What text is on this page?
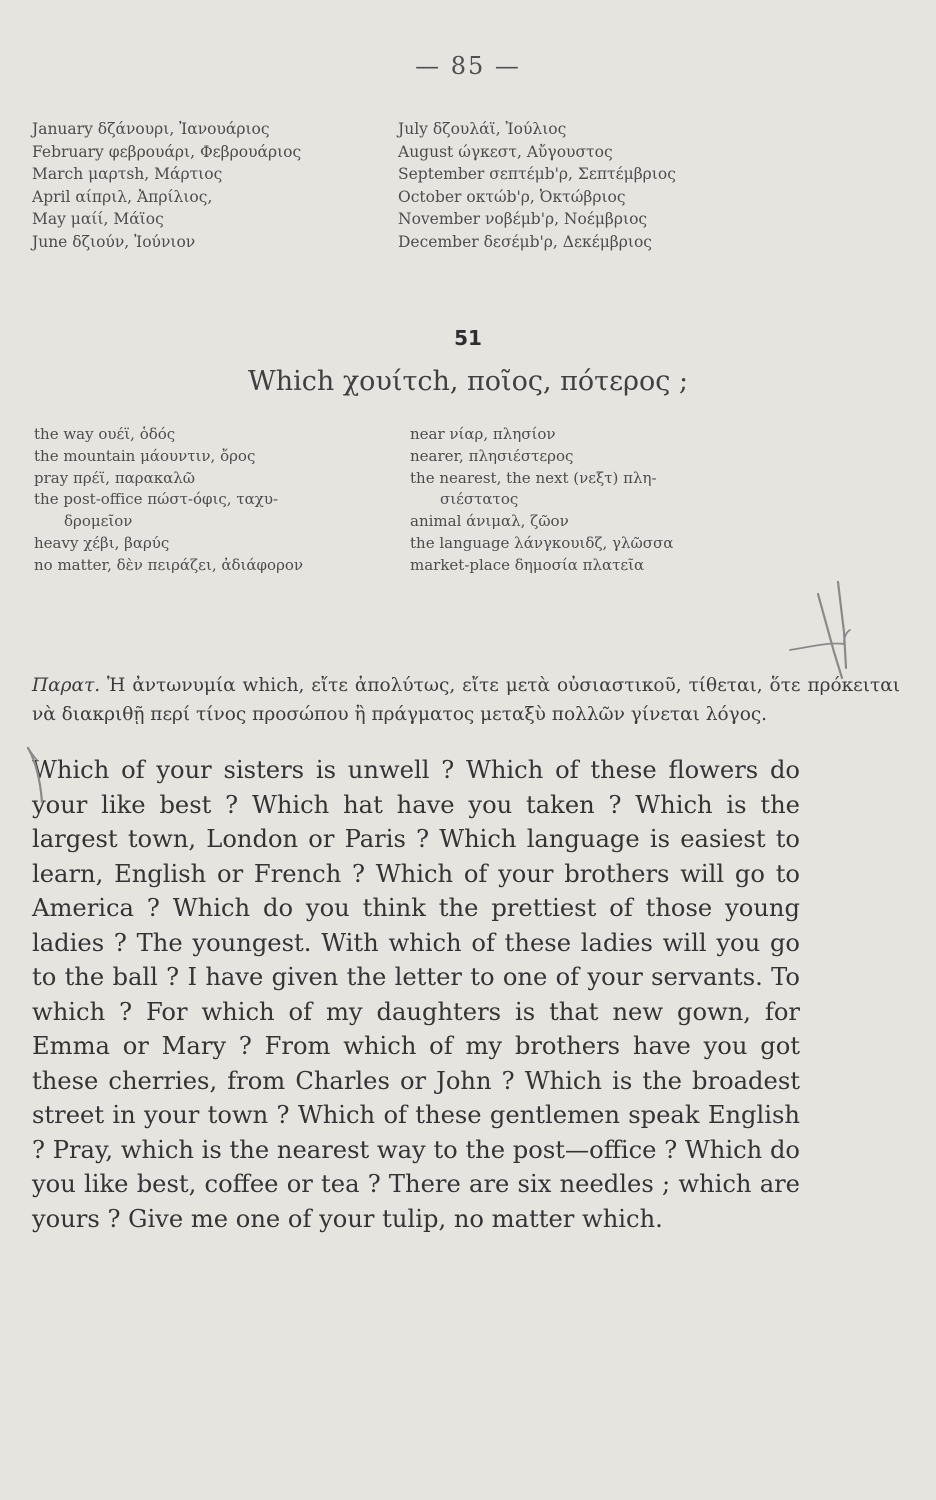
— 85 —
January δζάνουρι, Ἰανουάριος
February φεβρουάρι, Φεβρουάριος
March μαρτsh, Μάρτιος
April αίπριλ, Ἀπρίλιος,
May μαίί, Μάϊος
June δζιούν, Ἰούνιον
July δζουλάϊ, Ἰούλιος
August ώγκεστ, Αὔγουστος
September σεπτέμb'ρ, Σεπτέμβριος
October οκτώb'ρ, Ὀκτώβριος
November νοβέμb'ρ, Νοέμβριος
December δεσέμb'ρ, Δεκέμβριος
51
Which χουίτch, ποῖος, πότερος ;
the way ουέϊ, ὁδός
the mountain μάουντιν, ὄρος
pray πρέϊ, παρακαλῶ
the post-office πώστ-όφις, ταχυ-
δρομεῖον
heavy χέβι, βαρύς
no matter, δὲν πειράζει, ἀδιάφορον
near νίαρ, πλησίον
nearer, πλησιέστερος
the nearest, the next (νεξτ) πλη-
σιέστατος
animal άνιμαλ, ζῶον
the language λάνγκουιδζ, γλῶσσα
market-place δημοσία πλατεῖα
Παρατ. Ἡ ἀντωνυμία which, εἴτε ἀπολύτως, εἴτε μετὰ οὐσιαστικοῦ, τίθεται, ὅτε πρόκειται νὰ διακριθῇ περί τίνος προσώπου ἢ πράγματος μεταξὺ πολλῶν γίνεται λόγος.
Which of your sisters is unwell ? Which of these flowers do your like best ? Which hat have you taken ? Which is the largest town, London or Paris ? Which language is easiest to learn, English or French ? Which of your brothers will go to America ? Which do you think the prettiest of those young ladies ? The youngest. With which of these ladies will you go to the ball ? I have given the letter to one of your servants. To which ? For which of my daughters is that new gown, for Emma or Mary ? From which of my brothers have you got these cherries, from Charles or John ? Which is the broadest street in your town ? Which of these gentlemen speak English ? Pray, which is the nearest way to the post—office ? Which do you like best, coffee or tea ? There are six needles ; which are yours ? Give me one of your tulip, no matter which.
